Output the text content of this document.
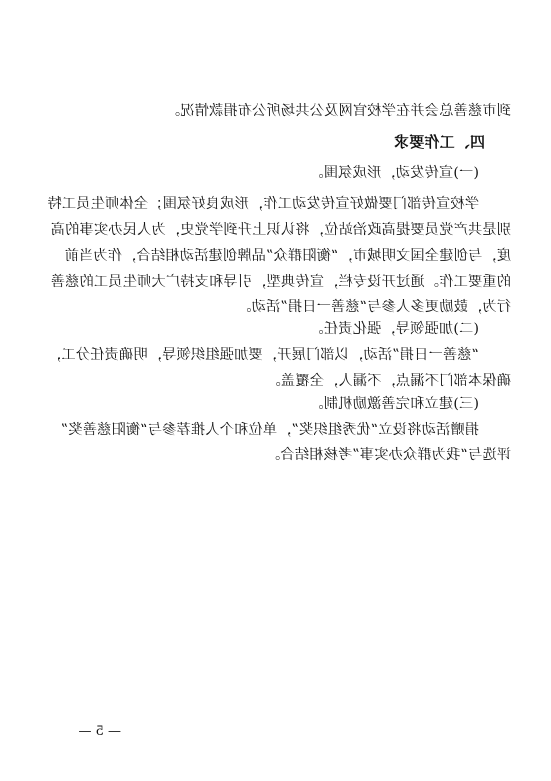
到市慈善总会并在学校官网及公共场所公布捐款情况。
四、工作要求
(一)宣传发动，形成氛围。
学校宣传部门要做好宣传发动工作，形成良好氛围；全体师生员工特
别是共产党员要提高政治站位，将认识上升到学党史，为人民办实事的高
度，与创建全国文明城市，“衡阳群众”品牌创建活动相结合，作为当前
的重要工作。通过开设专栏，宣传典型，引导和支持广大师生员工的慈善
行为，鼓励更多人参与“慈善一日捐”活动。
(二)加强领导，强化责任。
“慈善一日捐”活动，以部门展开，要加强组织领导，明确责任分工，
确保本部门不漏点，不漏人，全覆盖。
(三)建立和完善激励机制。
捐赠活动将设立“优秀组织奖”，单位和个人推荐参与“衡阳慈善奖”
评选与“我为群众办实事”考核相结合。
— 5 —
